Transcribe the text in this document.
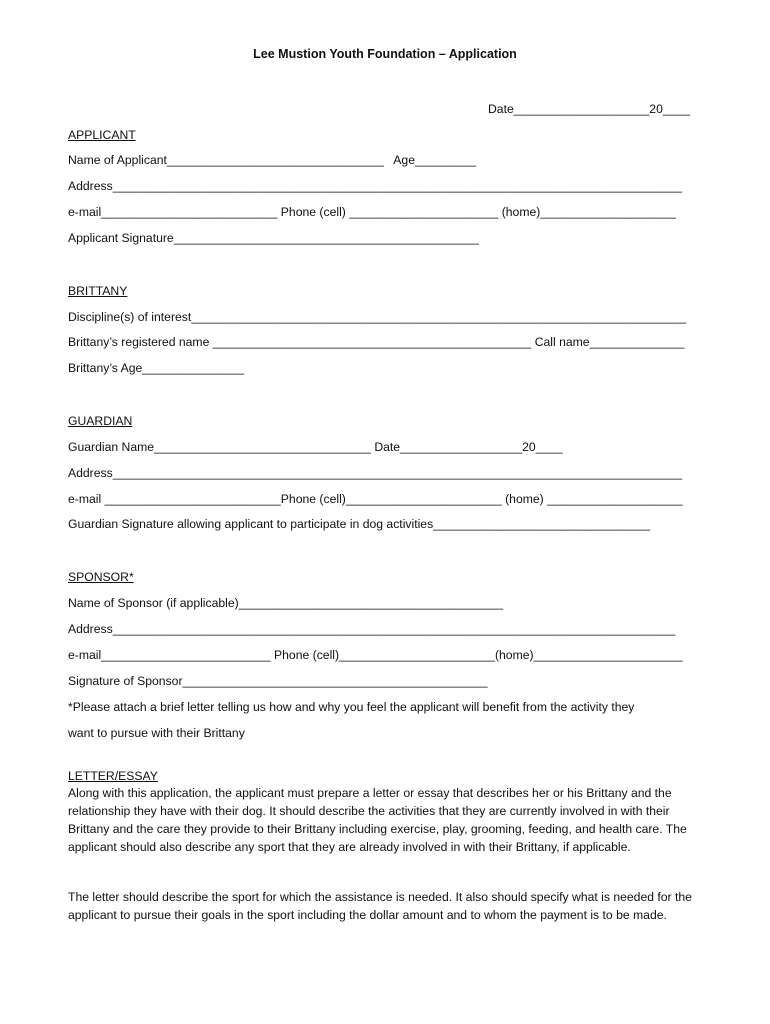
Lee Mustion Youth Foundation – Application
Date____________________20____
APPLICANT
Name of Applicant________________________________   Age_________
Address____________________________________________________________________________________
e-mail__________________________ Phone (cell) ______________________ (home)____________________
Applicant Signature_____________________________________________
BRITTANY
Discipline(s) of interest_________________________________________________________________________
Brittany’s registered name _______________________________________________ Call name______________
Brittany’s Age_______________
GUARDIAN
Guardian Name________________________________ Date__________________20____
Address____________________________________________________________________________________
e-mail __________________________Phone (cell)_______________________ (home) ____________________
Guardian Signature allowing applicant to participate in dog activities________________________________
SPONSOR*
Name of Sponsor (if applicable)_______________________________________
Address___________________________________________________________________________________
e-mail_________________________ Phone (cell)_______________________(home)______________________
Signature of Sponsor_____________________________________________
*Please attach a brief letter telling us how and why you feel the applicant will benefit from the activity they
want to pursue with their Brittany
LETTER/ESSAY
Along with this application, the applicant must prepare a letter or essay that describes her or his Brittany and the relationship they have with their dog. It should describe the activities that they are currently involved in with their Brittany and the care they provide to their Brittany including exercise, play, grooming, feeding, and health care. The applicant should also describe any sport that they are already involved in with their Brittany, if applicable.
The letter should describe the sport for which the assistance is needed. It also should specify what is needed for the applicant to pursue their goals in the sport including the dollar amount and to whom the payment is to be made.
